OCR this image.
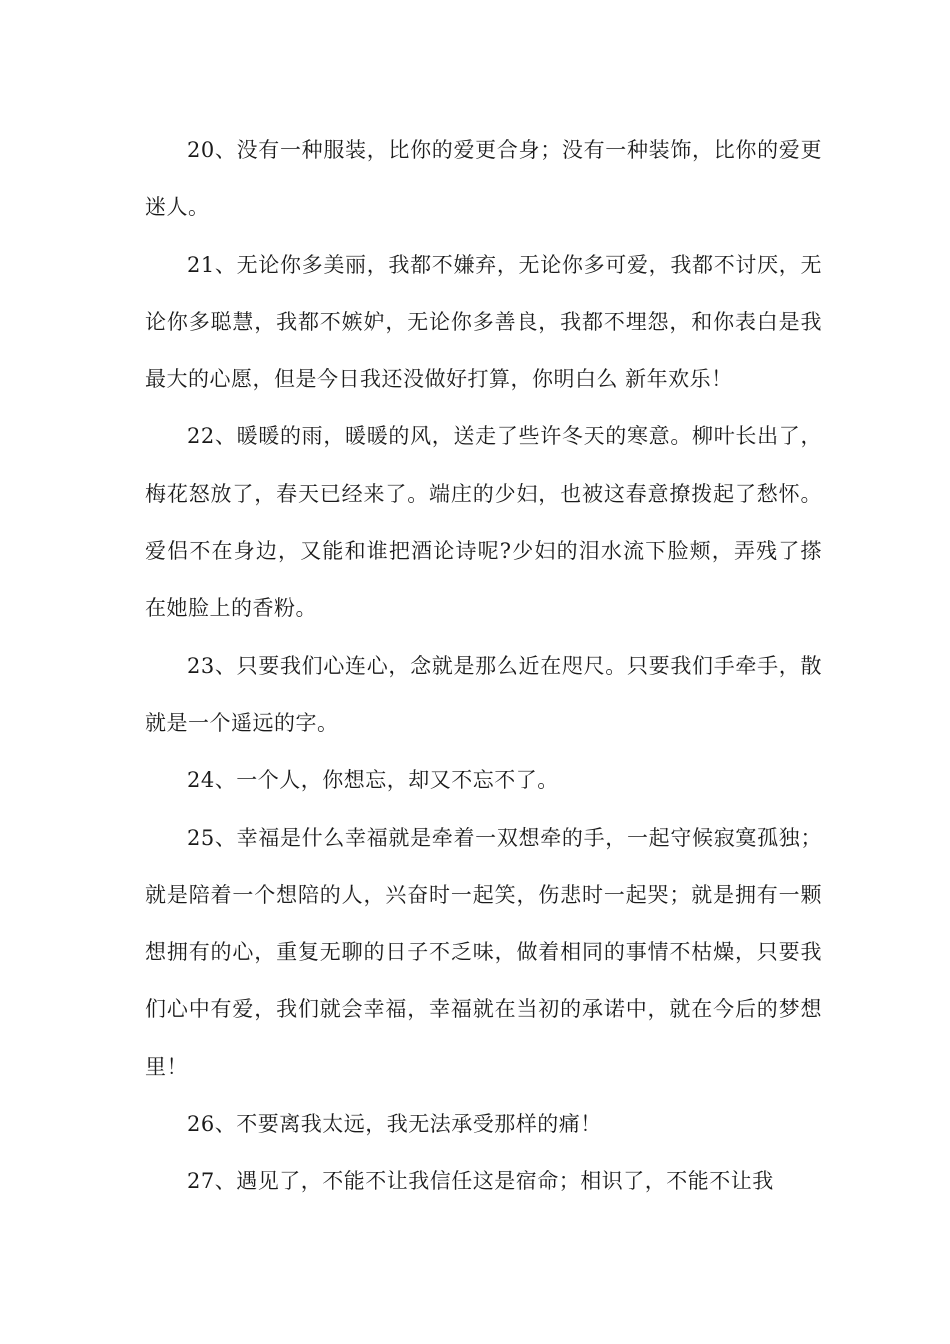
20、没有一种服装，比你的爱更合身；没有一种装饰，比你的爱更迷人。

21、无论你多美丽，我都不嫌弃，无论你多可爱，我都不讨厌，无论你多聪慧，我都不嫉妒，无论你多善良，我都不埋怨，和你表白是我最大的心愿，但是今日我还没做好打算，你明白么 新年欢乐！

22、暖暖的雨，暖暖的风，送走了些许冬天的寒意。柳叶长出了，梅花怒放了，春天已经来了。端庄的少妇，也被这春意撩拨起了愁怀。爱侣不在身边，又能和谁把酒论诗呢?少妇的泪水流下脸颊，弄残了搽在她脸上的香粉。

23、只要我们心连心，念就是那么近在咫尺。只要我们手牵手，散就是一个遥远的字。

24、一个人，你想忘，却又不忘不了。

25、幸福是什么幸福就是牵着一双想牵的手，一起守候寂寞孤独；就是陪着一个想陪的人，兴奋时一起笑，伤悲时一起哭；就是拥有一颗想拥有的心，重复无聊的日子不乏味，做着相同的事情不枯燥，只要我们心中有爱，我们就会幸福，幸福就在当初的承诺中，就在今后的梦想里！

26、不要离我太远，我无法承受那样的痛！

27、遇见了，不能不让我信任这是宿命；相识了，不能不让我
